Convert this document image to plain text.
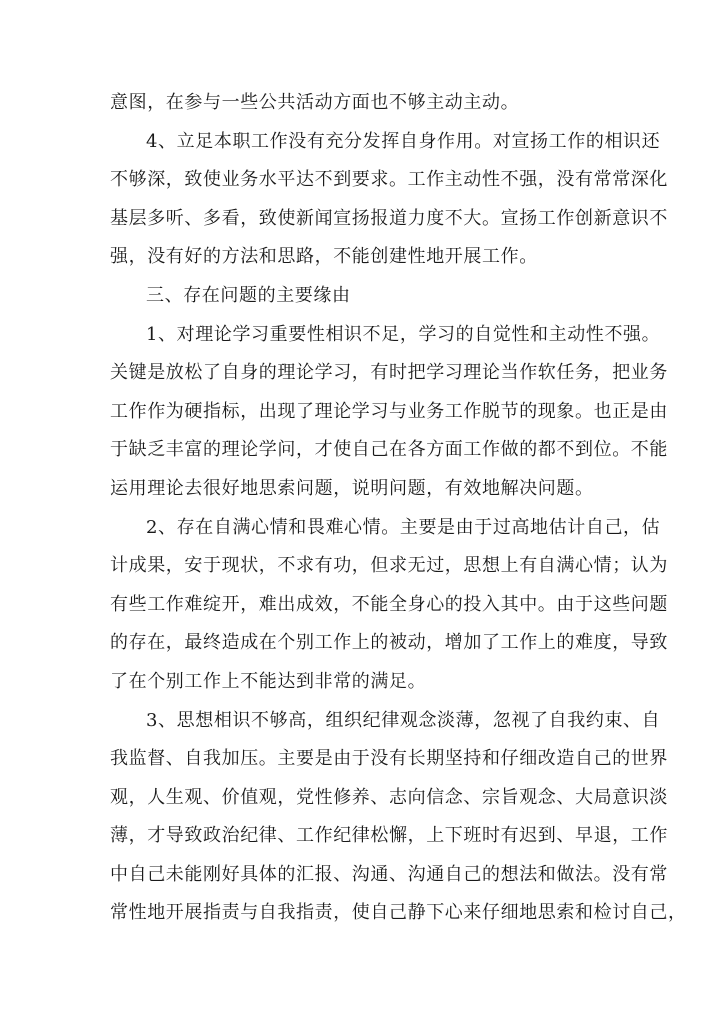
意图，在参与一些公共活动方面也不够主动主动。
4、立足本职工作没有充分发挥自身作用。对宣扬工作的相识还
不够深，致使业务水平达不到要求。工作主动性不强，没有常常深化
基层多听、多看，致使新闻宣扬报道力度不大。宣扬工作创新意识不
强，没有好的方法和思路，不能创建性地开展工作。
三、存在问题的主要缘由
1、对理论学习重要性相识不足，学习的自觉性和主动性不强。
关键是放松了自身的理论学习，有时把学习理论当作软任务，把业务
工作作为硬指标，出现了理论学习与业务工作脱节的现象。也正是由
于缺乏丰富的理论学问，才使自己在各方面工作做的都不到位。不能
运用理论去很好地思索问题，说明问题，有效地解决问题。
2、存在自满心情和畏难心情。主要是由于过高地估计自己，估
计成果，安于现状，不求有功，但求无过，思想上有自满心情；认为
有些工作难绽开，难出成效，不能全身心的投入其中。由于这些问题
的存在，最终造成在个别工作上的被动，增加了工作上的难度，导致
了在个别工作上不能达到非常的满足。
3、思想相识不够高，组织纪律观念淡薄，忽视了自我约束、自
我监督、自我加压。主要是由于没有长期坚持和仔细改造自己的世界
观，人生观、价值观，党性修养、志向信念、宗旨观念、大局意识淡
薄，才导致政治纪律、工作纪律松懈，上下班时有迟到、早退，工作
中自己未能刚好具体的汇报、沟通、沟通自己的想法和做法。没有常
常性地开展指责与自我指责，使自己静下心来仔细地思索和检讨自己，
